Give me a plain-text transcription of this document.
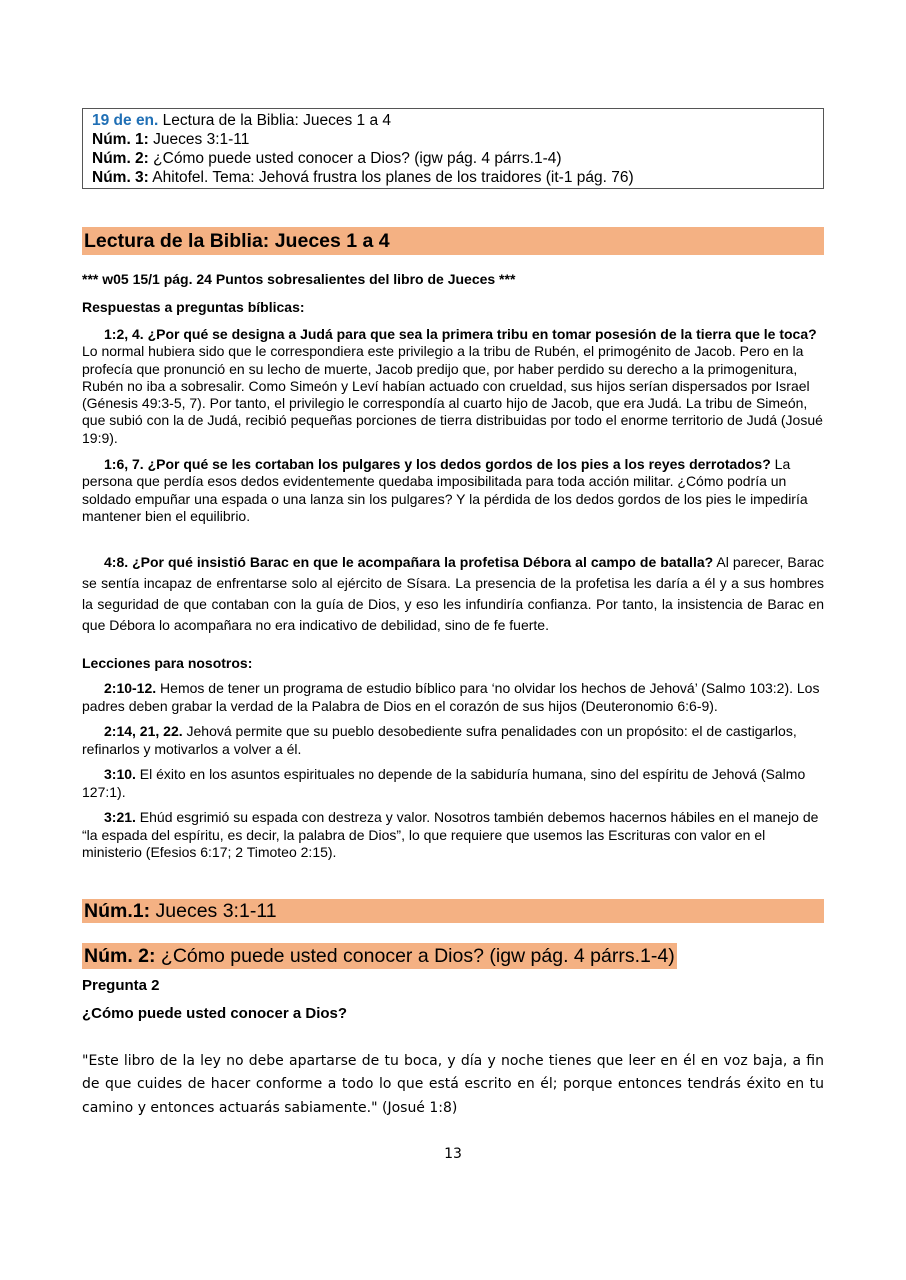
19 de en. Lectura de la Biblia: Jueces 1 a 4
Núm. 1: Jueces 3:1-11
Núm. 2: ¿Cómo puede usted conocer a Dios? (igw pág. 4 párrs.1-4)
Núm. 3: Ahitofel. Tema: Jehová frustra los planes de los traidores (it-1 pág. 76)
Lectura de la Biblia: Jueces 1 a 4
*** w05 15/1 pág. 24 Puntos sobresalientes del libro de Jueces ***
Respuestas a preguntas bíblicas:

1:2, 4. ¿Por qué se designa a Judá para que sea la primera tribu en tomar posesión de la tierra que le toca? Lo normal hubiera sido que le correspondiera este privilegio a la tribu de Rubén, el primogénito de Jacob. Pero en la profecía que pronunció en su lecho de muerte, Jacob predijo que, por haber perdido su derecho a la primogenitura, Rubén no iba a sobresalir. Como Simeón y Leví habían actuado con crueldad, sus hijos serían dispersados por Israel (Génesis 49:3-5, 7). Por tanto, el privilegio le correspondía al cuarto hijo de Jacob, que era Judá. La tribu de Simeón, que subió con la de Judá, recibió pequeñas porciones de tierra distribuidas por todo el enorme territorio de Judá (Josué 19:9).

1:6, 7. ¿Por qué se les cortaban los pulgares y los dedos gordos de los pies a los reyes derrotados? La persona que perdía esos dedos evidentemente quedaba imposibilitada para toda acción militar. ¿Cómo podría un soldado empuñar una espada o una lanza sin los pulgares? Y la pérdida de los dedos gordos de los pies le impediría mantener bien el equilibrio.

4:8. ¿Por qué insistió Barac en que le acompañara la profetisa Débora al campo de batalla? Al parecer, Barac se sentía incapaz de enfrentarse solo al ejército de Sísara. La presencia de la profetisa les daría a él y a sus hombres la seguridad de que contaban con la guía de Dios, y eso les infundiría confianza. Por tanto, la insistencia de Barac en que Débora lo acompañara no era indicativo de debilidad, sino de fe fuerte.

Lecciones para nosotros:

2:10-12. Hemos de tener un programa de estudio bíblico para ‘no olvidar los hechos de Jehová’ (Salmo 103:2). Los padres deben grabar la verdad de la Palabra de Dios en el corazón de sus hijos (Deuteronomio 6:6-9).

2:14, 21, 22. Jehová permite que su pueblo desobediente sufra penalidades con un propósito: el de castigarlos, refinarlos y motivarlos a volver a él.

3:10. El éxito en los asuntos espirituales no depende de la sabiduría humana, sino del espíritu de Jehová (Salmo 127:1).

3:21. Ehúd esgrimió su espada con destreza y valor. Nosotros también debemos hacernos hábiles en el manejo de “la espada del espíritu, es decir, la palabra de Dios”, lo que requiere que usemos las Escrituras con valor en el ministerio (Efesios 6:17; 2 Timoteo 2:15).

Núm.1: Jueces 3:1-11
Núm. 2: ¿Cómo puede usted conocer a Dios? (igw pág. 4 párrs.1-4)
Pregunta 2
¿Cómo puede usted conocer a Dios?
"Este libro de la ley no debe apartarse de tu boca, y día y noche tienes que leer en él en voz baja, a fin de que cuides de hacer conforme a todo lo que está escrito en él; porque entonces tendrás éxito en tu camino y entonces actuarás sabiamente." (Josué 1:8)
13
